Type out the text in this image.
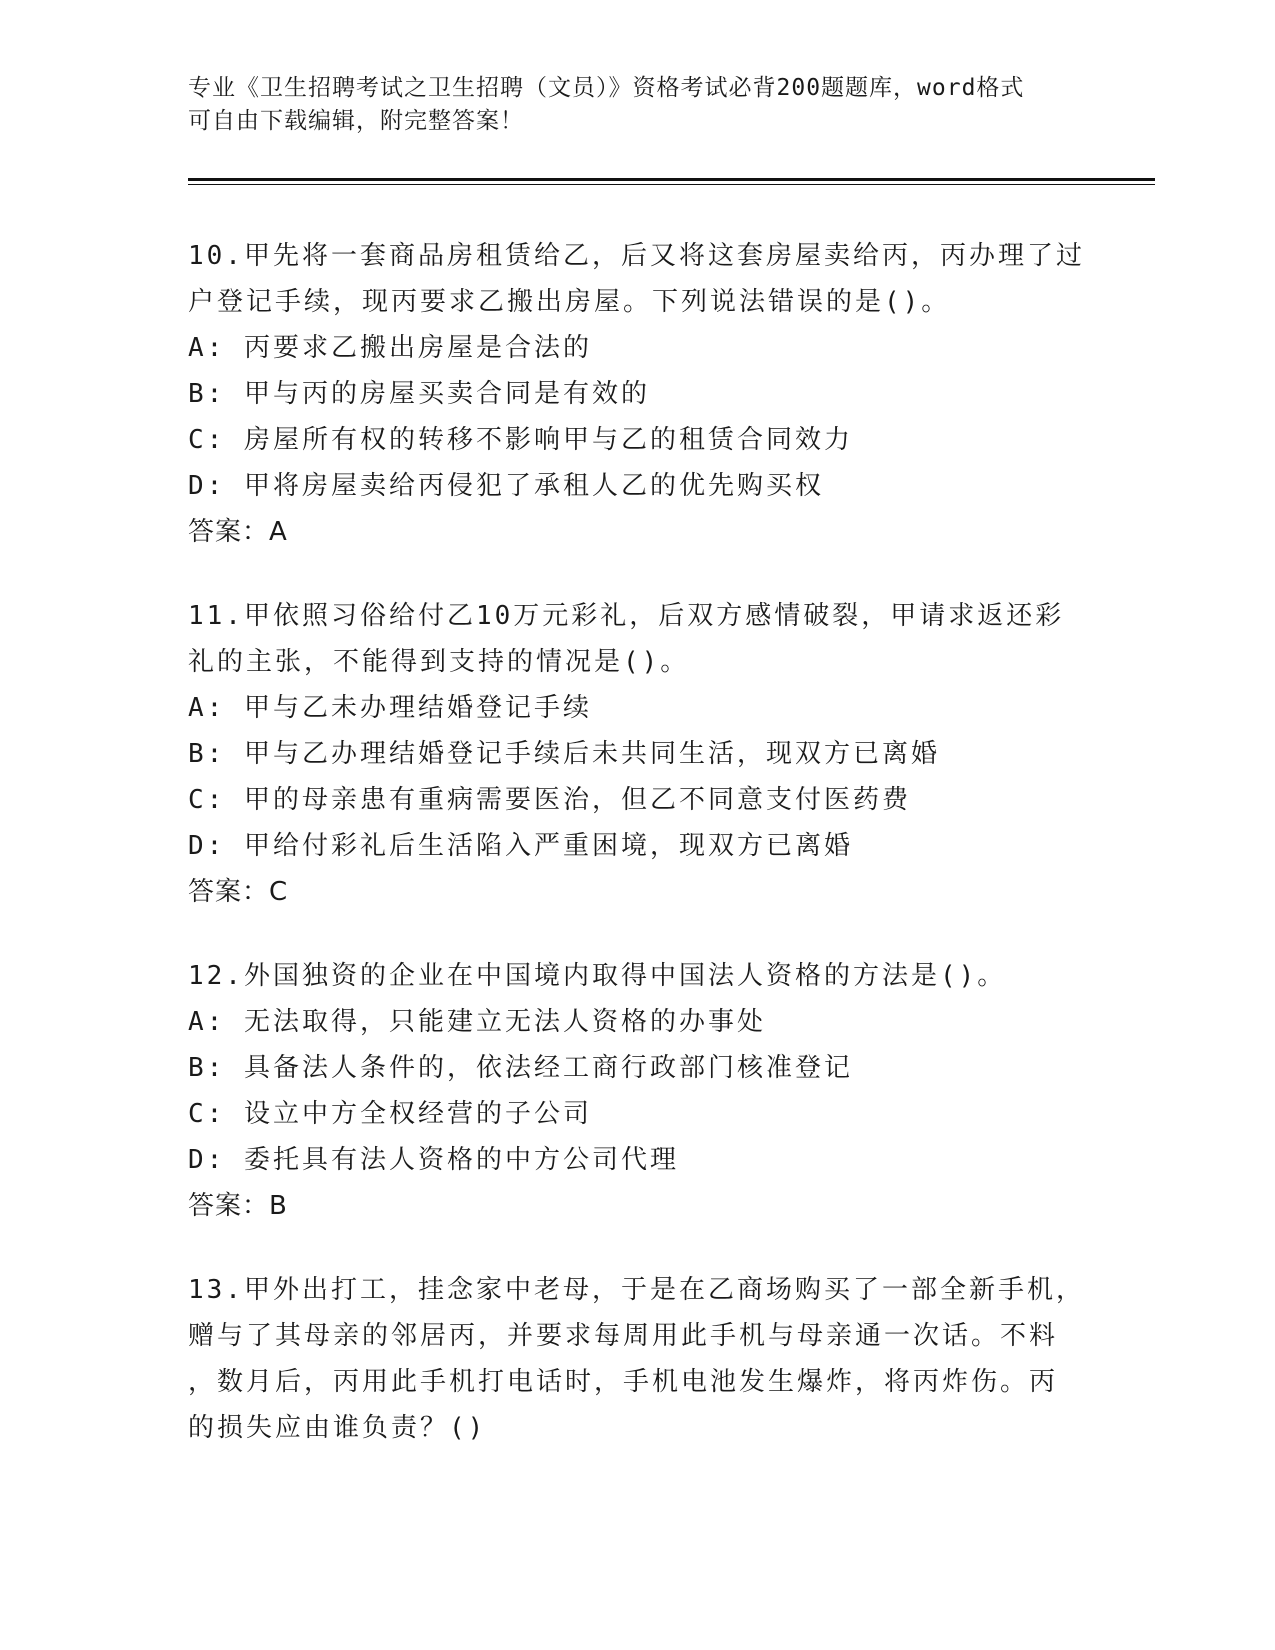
专业《卫生招聘考试之卫生招聘（文员）》资格考试必背200题题库，word格式
可自由下载编辑，附完整答案！
10.甲先将一套商品房租赁给乙，后又将这套房屋卖给丙，丙办理了过
户登记手续，现丙要求乙搬出房屋。下列说法错误的是()。
A: 丙要求乙搬出房屋是合法的
B: 甲与丙的房屋买卖合同是有效的
C: 房屋所有权的转移不影响甲与乙的租赁合同效力
D: 甲将房屋卖给丙侵犯了承租人乙的优先购买权
答案：A
11.甲依照习俗给付乙10万元彩礼，后双方感情破裂，甲请求返还彩
礼的主张，不能得到支持的情况是()。
A: 甲与乙未办理结婚登记手续
B: 甲与乙办理结婚登记手续后未共同生活，现双方已离婚
C: 甲的母亲患有重病需要医治，但乙不同意支付医药费
D: 甲给付彩礼后生活陷入严重困境，现双方已离婚
答案：C
12.外国独资的企业在中国境内取得中国法人资格的方法是()。
A: 无法取得，只能建立无法人资格的办事处
B: 具备法人条件的，依法经工商行政部门核准登记
C: 设立中方全权经营的子公司
D: 委托具有法人资格的中方公司代理
答案：B
13.甲外出打工，挂念家中老母，于是在乙商场购买了一部全新手机，
赠与了其母亲的邻居丙，并要求每周用此手机与母亲通一次话。不料
，数月后，丙用此手机打电话时，手机电池发生爆炸，将丙炸伤。丙
的损失应由谁负责？()
